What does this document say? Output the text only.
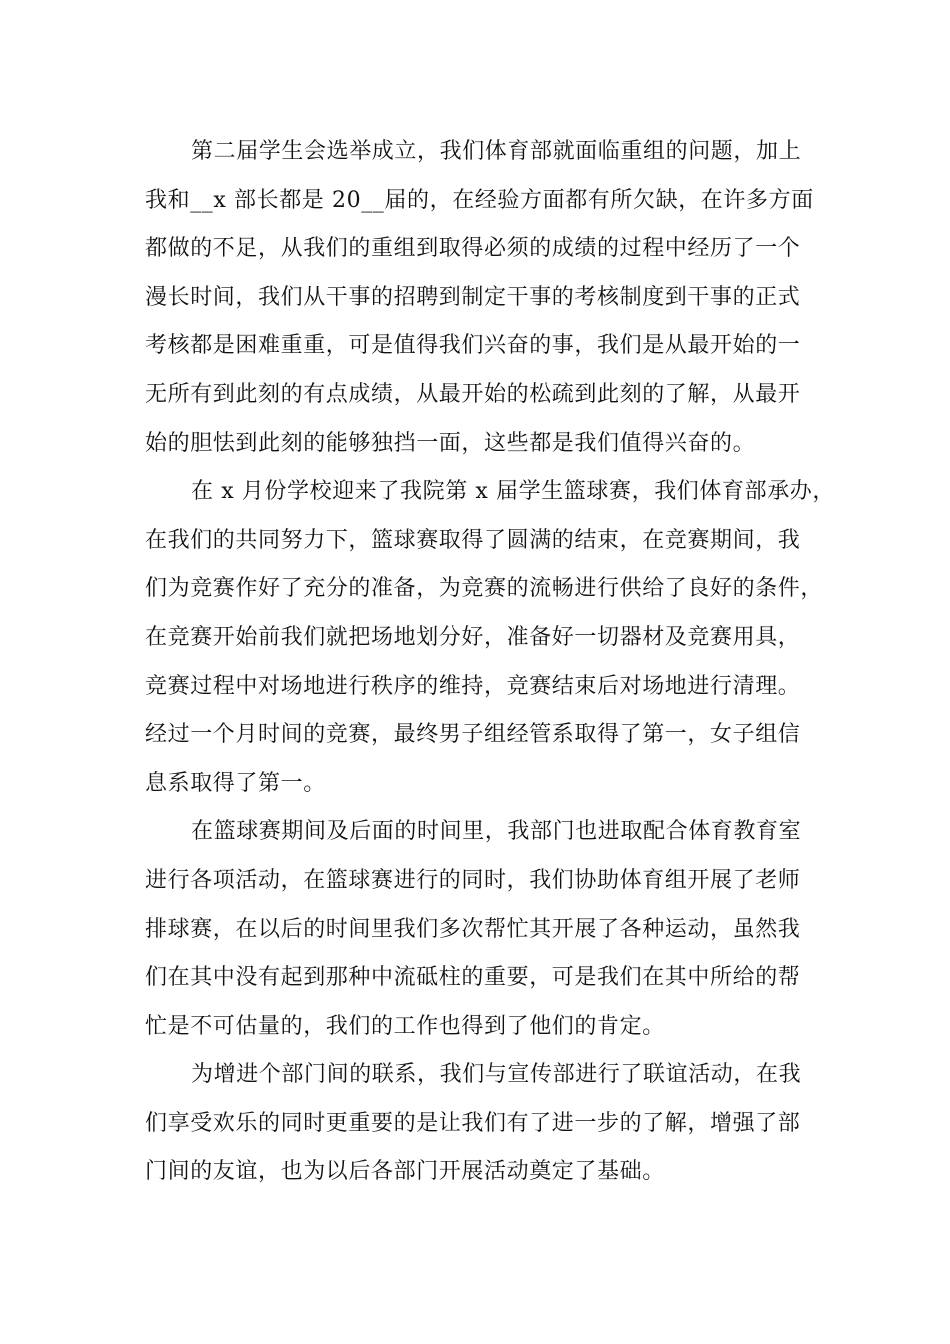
第二届学生会选举成立，我们体育部就面临重组的问题，加上
我和__x 部长都是 20__届的，在经验方面都有所欠缺，在许多方面
都做的不足，从我们的重组到取得必须的成绩的过程中经历了一个
漫长时间，我们从干事的招聘到制定干事的考核制度到干事的正式
考核都是困难重重，可是值得我们兴奋的事，我们是从最开始的一
无所有到此刻的有点成绩，从最开始的松疏到此刻的了解，从最开
始的胆怯到此刻的能够独挡一面，这些都是我们值得兴奋的。
在 x 月份学校迎来了我院第 x 届学生篮球赛，我们体育部承办，
在我们的共同努力下，篮球赛取得了圆满的结束，在竞赛期间，我
们为竞赛作好了充分的准备，为竞赛的流畅进行供给了良好的条件，
在竞赛开始前我们就把场地划分好，准备好一切器材及竞赛用具，
竞赛过程中对场地进行秩序的维持，竞赛结束后对场地进行清理。
经过一个月时间的竞赛，最终男子组经管系取得了第一，女子组信
息系取得了第一。
在篮球赛期间及后面的时间里，我部门也进取配合体育教育室
进行各项活动，在篮球赛进行的同时，我们协助体育组开展了老师
排球赛，在以后的时间里我们多次帮忙其开展了各种运动，虽然我
们在其中没有起到那种中流砥柱的重要，可是我们在其中所给的帮
忙是不可估量的，我们的工作也得到了他们的肯定。
为增进个部门间的联系，我们与宣传部进行了联谊活动，在我
们享受欢乐的同时更重要的是让我们有了进一步的了解，增强了部
门间的友谊，也为以后各部门开展活动奠定了基础。
